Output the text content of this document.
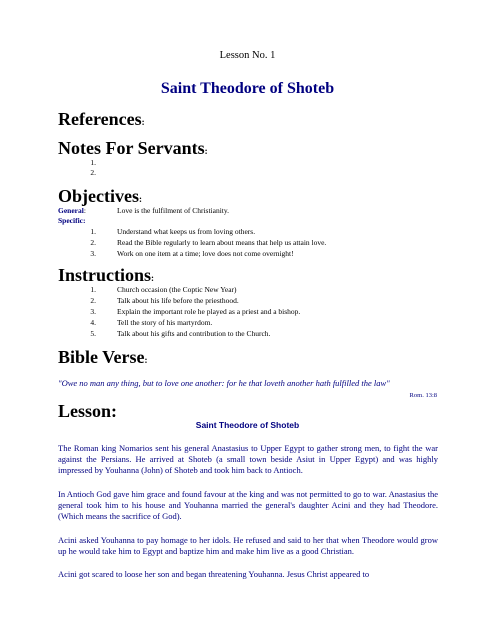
Lesson No. 1
Saint Theodore of Shoteb
References:
Notes For Servants:
1.
2.
Objectives:
General:	Love is the fulfilment of Christianity.
Specific:
1.	Understand what keeps us from loving others.
2.	Read the Bible regularly to learn about means that help us attain love.
3.	Work on one item at a time; love does not come overnight!
Instructions:
1.	Church occasion (the Coptic New Year)
2.	Talk about his life before the priesthood.
3.	Explain the important role he played as a priest and a bishop.
4.	Tell the story of his martyrdom.
5.	Talk about his gifts and contribution to the Church.
Bible Verse:
"Owe no man any thing, but to love one another: for he that loveth another hath fulfilled the law"
Rom. 13:8
Lesson:
Saint Theodore of Shoteb
The Roman king Nomarios sent his general Anastasius to Upper Egypt to gather strong men, to fight the war against the Persians. He arrived at Shoteb (a small town beside Asiut in Upper Egypt) and was highly impressed by Youhanna (John) of Shoteb and took him back to Antioch.
In Antioch God gave him grace and found favour at the king and was not permitted to go to war. Anastasius the general took him to his house and Youhanna married the general's daughter Acini and they had Theodore. (Which means the sacrifice of God).
Acini asked Youhanna to pay homage to her idols. He refused and said to her that when Theodore would grow up he would take him to Egypt and baptize him and make him live as a good Christian.
Acini got scared to loose her son and began threatening Youhanna. Jesus Christ appeared to
